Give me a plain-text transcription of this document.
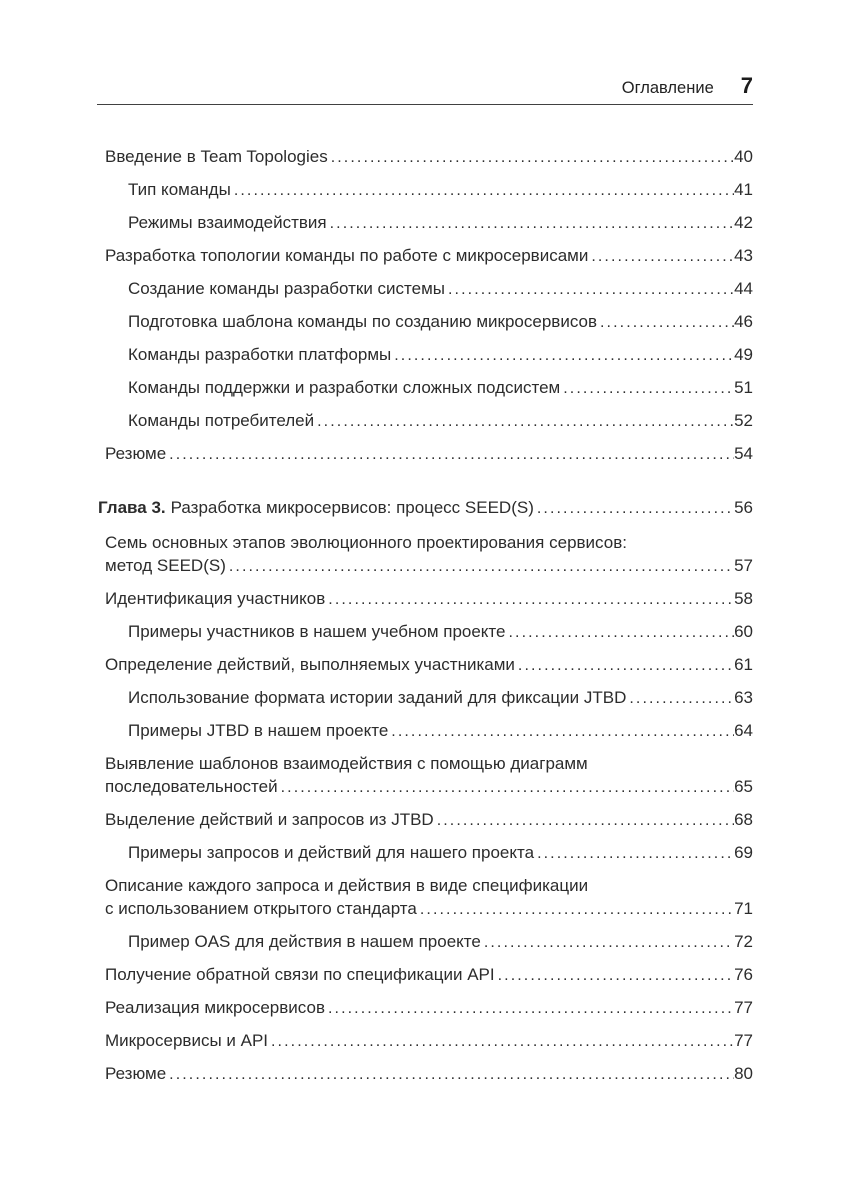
Оглавление 7
Введение в Team Topologies .....	40
Тип команды .....	41
Режимы взаимодействия .....	42
Разработка топологии команды по работе с микросервисами .....	43
Создание команды разработки системы .....	44
Подготовка шаблона команды по созданию микросервисов .....	46
Команды разработки платформы .....	49
Команды поддержки и разработки сложных подсистем .....	51
Команды потребителей .....	52
Резюме .....	54
Глава 3. Разработка микросервисов: процесс SEED(S) .....	56
Семь основных этапов эволюционного проектирования сервисов:
метод SEED(S) .....	57
Идентификация участников .....	58
Примеры участников в нашем учебном проекте .....	60
Определение действий, выполняемых участниками .....	61
Использование формата истории заданий для фиксации JTBD .....	63
Примеры JTBD в нашем проекте .....	64
Выявление шаблонов взаимодействия с помощью диаграмм
последовательностей .....	65
Выделение действий и запросов из JTBD .....	68
Примеры запросов и действий для нашего проекта .....	69
Описание каждого запроса и действия в виде спецификации
с использованием открытого стандарта .....	71
Пример OAS для действия в нашем проекте .....	72
Получение обратной связи по спецификации API .....	76
Реализация микросервисов .....	77
Микросервисы и API .....	77
Резюме .....	80
